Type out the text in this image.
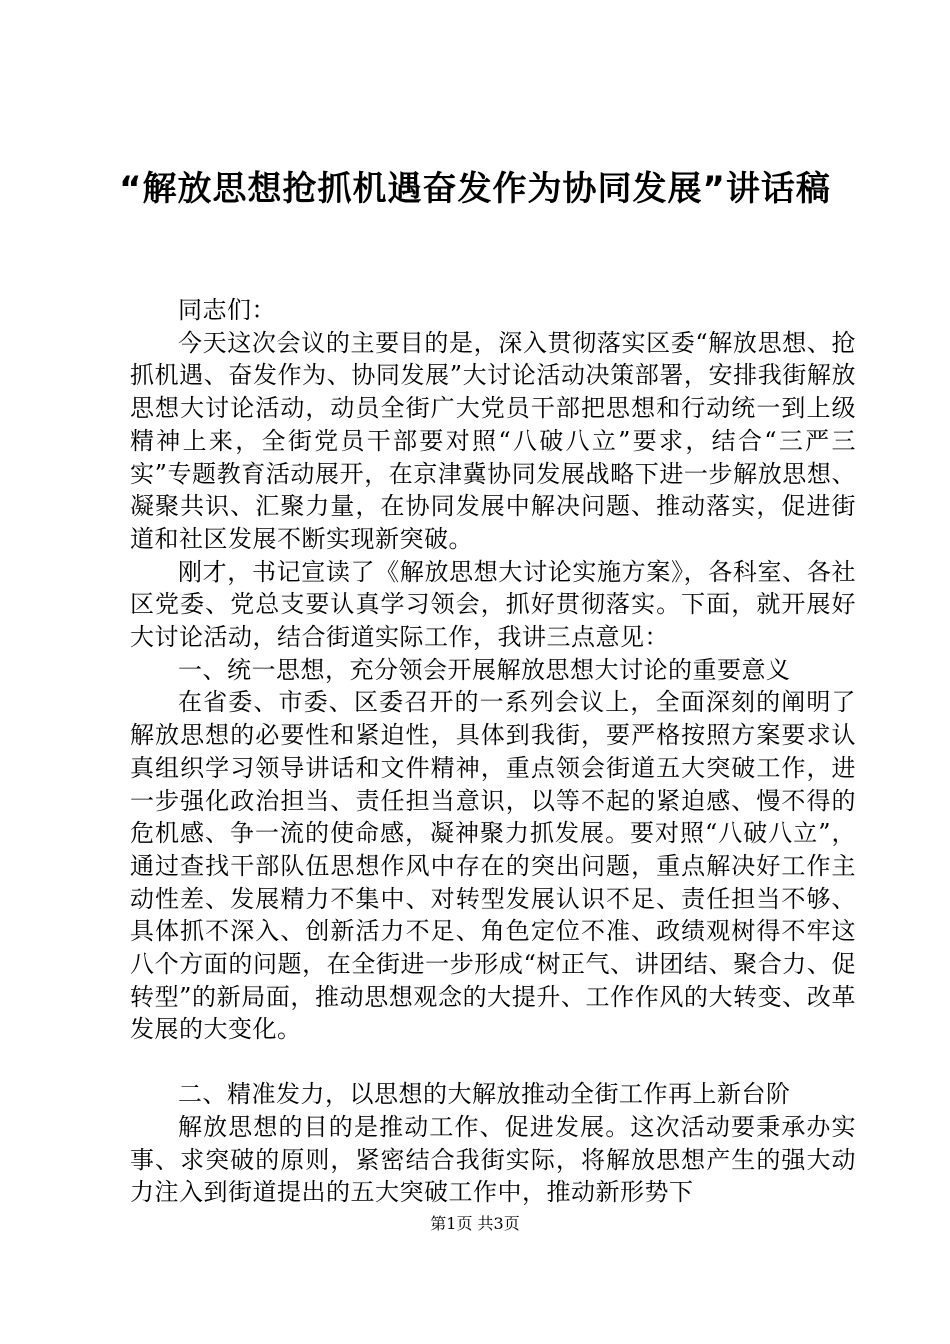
“解放思想抢抓机遇奋发作为协同发展”讲话稿

同志们：

今天这次会议的主要目的是，深入贯彻落实区委“解放思想、抢抓机遇、奋发作为、协同发展”大讨论活动决策部署，安排我街解放思想大讨论活动，动员全街广大党员干部把思想和行动统一到上级精神上来，全街党员干部要对照“八破八立”要求，结合“三严三实”专题教育活动展开，在京津冀协同发展战略下进一步解放思想、凝聚共识、汇聚力量，在协同发展中解决问题、推动落实，促进街道和社区发展不断实现新突破。

刚才，书记宣读了《解放思想大讨论实施方案》，各科室、各社区党委、党总支要认真学习领会，抓好贯彻落实。下面，就开展好大讨论活动，结合街道实际工作，我讲三点意见：

一、统一思想，充分领会开展解放思想大讨论的重要意义

在省委、市委、区委召开的一系列会议上，全面深刻的阐明了解放思想的必要性和紧迫性，具体到我街，要严格按照方案要求认真组织学习领导讲话和文件精神，重点领会街道五大突破工作，进一步强化政治担当、责任担当意识，以等不起的紧迫感、慢不得的危机感、争一流的使命感，凝神聚力抓发展。要对照“八破八立”，通过查找干部队伍思想作风中存在的突出问题，重点解决好工作主动性差、发展精力不集中、对转型发展认识不足、责任担当不够、具体抓不深入、创新活力不足、角色定位不准、政绩观树得不牢这八个方面的问题，在全街进一步形成“树正气、讲团结、聚合力、促转型”的新局面，推动思想观念的大提升、工作作风的大转变、改革发展的大变化。

二、精准发力，以思想的大解放推动全街工作再上新台阶

解放思想的目的是推动工作、促进发展。这次活动要秉承办实事、求突破的原则，紧密结合我街实际，将解放思想产生的强大动力注入到街道提出的五大突破工作中，推动新形势下

第1页 共3页
